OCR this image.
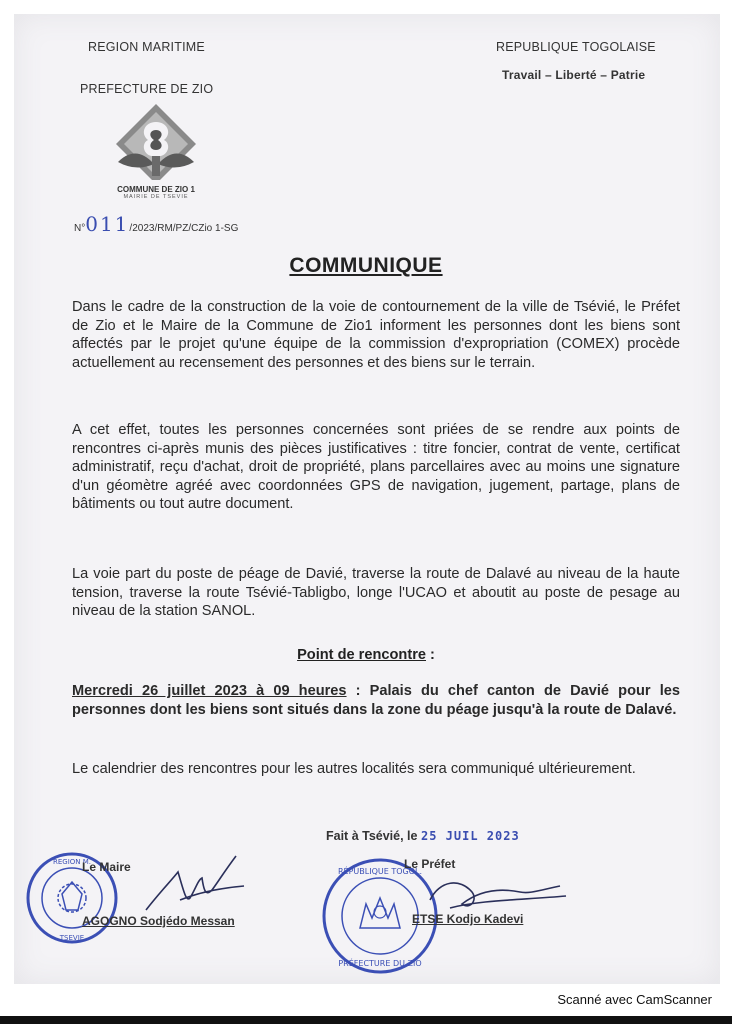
REGION MARITIME
PREFECTURE DE ZIO
REPUBLIQUE TOGOLAISE
Travail – Liberté – Patrie
COMMUNE DE ZIO 1
MAIRIE DE TSEVIE
N°011/2023/RM/PZ/CZio 1-SG
COMMUNIQUE
Dans le cadre de la construction de la voie de contournement de la ville de Tsévié, le Préfet de Zio et le Maire de la Commune de Zio1 informent les personnes dont les biens sont affectés par le projet qu'une équipe de la commission d'expropriation (COMEX) procède actuellement au recensement des personnes et des biens sur le terrain.
A cet effet, toutes les personnes concernées sont priées de se rendre aux points de rencontres ci-après munis des pièces justificatives : titre foncier, contrat de vente, certificat administratif, reçu d'achat, droit de propriété, plans parcellaires avec au moins une signature d'un géomètre agréé avec coordonnées GPS de navigation, jugement, partage, plans de bâtiments ou tout autre document.
La voie part du poste de péage de Davié, traverse la route de Dalavé au niveau de la haute tension, traverse la route Tsévié-Tabligbo, longe l'UCAO et aboutit au poste de pesage au niveau de la station SANOL.
Point de rencontre :
Mercredi 26 juillet 2023 à 09 heures : Palais du chef canton de Davié pour les personnes dont les biens sont situés dans la zone du péage jusqu'à la route de Dalavé.
Le calendrier des rencontres pour les autres localités sera communiqué ultérieurement.
Fait à Tsévié, le 25 JUIL 2023
REGION M.
TSEVIE
Le Maire
AGOGNO Sodjédo Messan
RÉPUBLIQUE TOGOL.
PRÉFECTURE DU ZIO
Le Préfet
ETSE Kodjo Kadevi
Scanné avec CamScanner
